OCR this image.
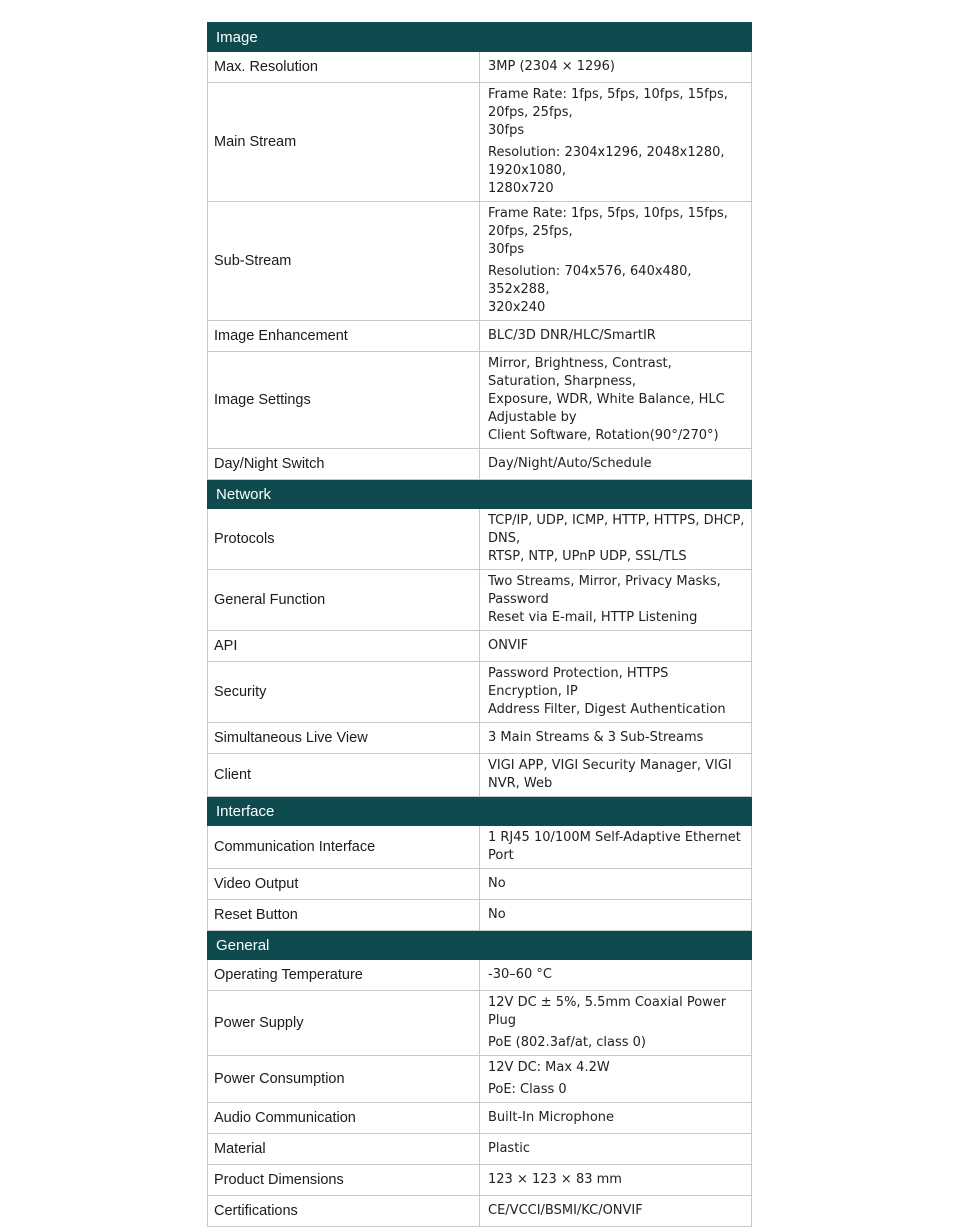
Image	
Max. Resolution	3MP (2304 × 1296)

Main Stream	Frame Rate: 1fps, 5fps, 10fps, 15fps, 20fps, 25fps,
30fps
Resolution: 2304x1296, 2048x1280, 1920x1080,
1280x720

Sub-Stream	Frame Rate: 1fps, 5fps, 10fps, 15fps, 20fps, 25fps,
30fps
Resolution: 704x576, 640x480, 352x288,
320x240

Image Enhancement	BLC/3D DNR/HLC/SmartIR

Image Settings	Mirror, Brightness, Contrast, Saturation, Sharpness,
Exposure, WDR, White Balance, HLC Adjustable by
Client Software, Rotation(90°/270°)

Day/Night Switch	Day/Night/Auto/Schedule

Network	
Protocols	TCP/IP, UDP, ICMP, HTTP, HTTPS, DHCP, DNS,
RTSP, NTP, UPnP UDP, SSL/TLS

General Function	Two Streams, Mirror, Privacy Masks, Password
Reset via E-mail, HTTP Listening

API	ONVIF

Security	Password Protection, HTTPS Encryption, IP
Address Filter, Digest Authentication

Simultaneous Live View	3 Main Streams & 3 Sub-Streams

Client	VIGI APP, VIGI Security Manager, VIGI NVR, Web

Interface	
Communication Interface	1 RJ45 10/100M Self-Adaptive Ethernet Port

Video Output	No

Reset Button	No

General	
Operating Temperature	-30–60 °C

Power Supply	12V DC ± 5%, 5.5mm Coaxial Power Plug
PoE (802.3af/at, class 0)

Power Consumption	12V DC: Max 4.2W
PoE: Class 0

Audio Communication	Built-In Microphone

Material	Plastic

Product Dimensions	123 × 123 × 83 mm

Certifications	CE/VCCI/BSMI/KC/ONVIF
